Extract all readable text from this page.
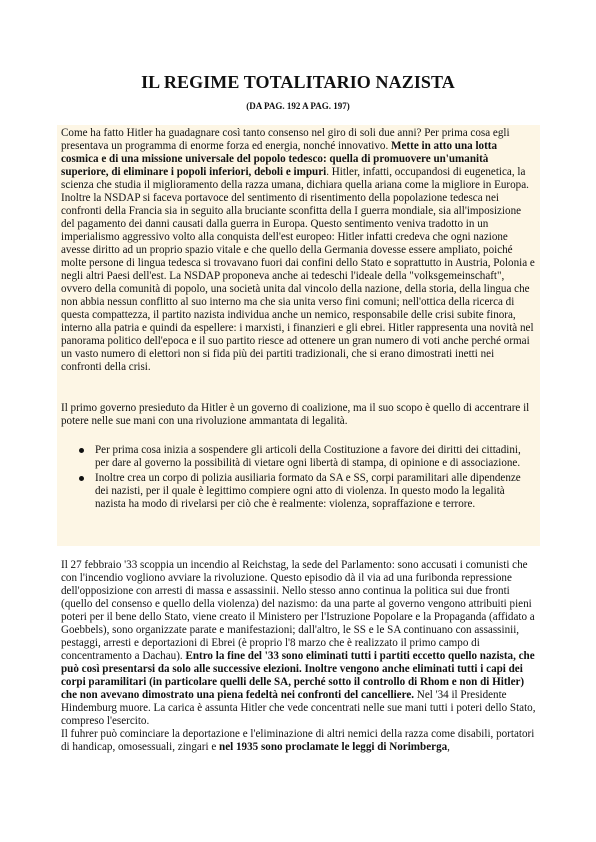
IL REGIME TOTALITARIO NAZISTA
(DA PAG. 192 A PAG. 197)

Come ha fatto Hitler ha guadagnare così tanto consenso nel giro di soli due anni? Per prima cosa egli presentava un programma di enorme forza ed energia, nonché innovativo. Mette in atto una lotta cosmica e di una missione universale del popolo tedesco: quella di promuovere un'umanità superiore, di eliminare i popoli inferiori, deboli e impuri. Hitler, infatti, occupandosi di eugenetica, la scienza che studia il miglioramento della razza umana, dichiara quella ariana come la migliore in Europa. Inoltre la NSDAP si faceva portavoce del sentimento di risentimento della popolazione tedesca nei confronti della Francia sia in seguito alla bruciante sconfitta della I guerra mondiale, sia all'imposizione del pagamento dei danni causati dalla guerra in Europa. Questo sentimento veniva tradotto in un imperialismo aggressivo volto alla conquista dell'est europeo: Hitler infatti credeva che ogni nazione avesse diritto ad un proprio spazio vitale e che quello della Germania dovesse essere ampliato, poiché molte persone di lingua tedesca si trovavano fuori dai confini dello Stato e soprattutto in Austria, Polonia e negli altri Paesi dell'est. La NSDAP proponeva anche ai tedeschi l'ideale della "volksgemeinschaft", ovvero della comunità di popolo, una società unita dal vincolo della nazione, della storia, della lingua che non abbia nessun conflitto al suo interno ma che sia unita verso fini comuni; nell'ottica della ricerca di questa compattezza, il partito nazista individua anche un nemico, responsabile delle crisi subite finora, interno alla patria e quindi da espellere: i marxisti, i finanzieri e gli ebrei. Hitler rappresenta una novità nel panorama politico dell'epoca e il suo partito riesce ad ottenere un gran numero di voti anche perché ormai un vasto numero di elettori non si fida più dei partiti tradizionali, che si erano dimostrati inetti nei confronti della crisi.

Il primo governo presieduto da Hitler è un governo di coalizione, ma il suo scopo è quello di accentrare il potere nelle sue mani con una rivoluzione ammantata di legalità.

Per prima cosa inizia a sospendere gli articoli della Costituzione a favore dei diritti dei cittadini, per dare al governo la possibilità di vietare ogni libertà di stampa, di opinione e di associazione.
Inoltre crea un corpo di polizia ausiliaria formato da SA e SS, corpi paramilitari alle dipendenze dei nazisti, per il quale è legittimo compiere ogni atto di violenza. In questo modo la legalità nazista ha modo di rivelarsi per ciò che è realmente: violenza, sopraffazione e terrore.

Il 27 febbraio '33 scoppia un incendio al Reichstag, la sede del Parlamento: sono accusati i comunisti che con l'incendio vogliono avviare la rivoluzione. Questo episodio dà il via ad una furibonda repressione dell'opposizione con arresti di massa e assassinii. Nello stesso anno continua la politica sui due fronti (quello del consenso e quello della violenza) del nazismo: da una parte al governo vengono attribuiti pieni poteri per il bene dello Stato, viene creato il Ministero per l'Istruzione Popolare e la Propaganda (affidato a Goebbels), sono organizzate parate e manifestazioni; dall'altro, le SS e le SA continuano con assassinii, pestaggi, arresti e deportazioni di Ebrei (è proprio l'8 marzo che è realizzato il primo campo di concentramento a Dachau). Entro la fine del '33 sono eliminati tutti i partiti eccetto quello nazista, che può così presentarsi da solo alle successive elezioni. Inoltre vengono anche eliminati tutti i capi dei corpi paramilitari (in particolare quelli delle SA, perché sotto il controllo di Rhom e non di Hitler) che non avevano dimostrato una piena fedeltà nei confronti del cancelliere. Nel '34 il Presidente Hindemburg muore. La carica è assunta Hitler che vede concentrati nelle sue mani tutti i poteri dello Stato, compreso l'esercito.
Il fuhrer può cominciare la deportazione e l'eliminazione di altri nemici della razza come disabili, portatori di handicap, omosessuali, zingari e nel 1935 sono proclamate le leggi di Norimberga,
